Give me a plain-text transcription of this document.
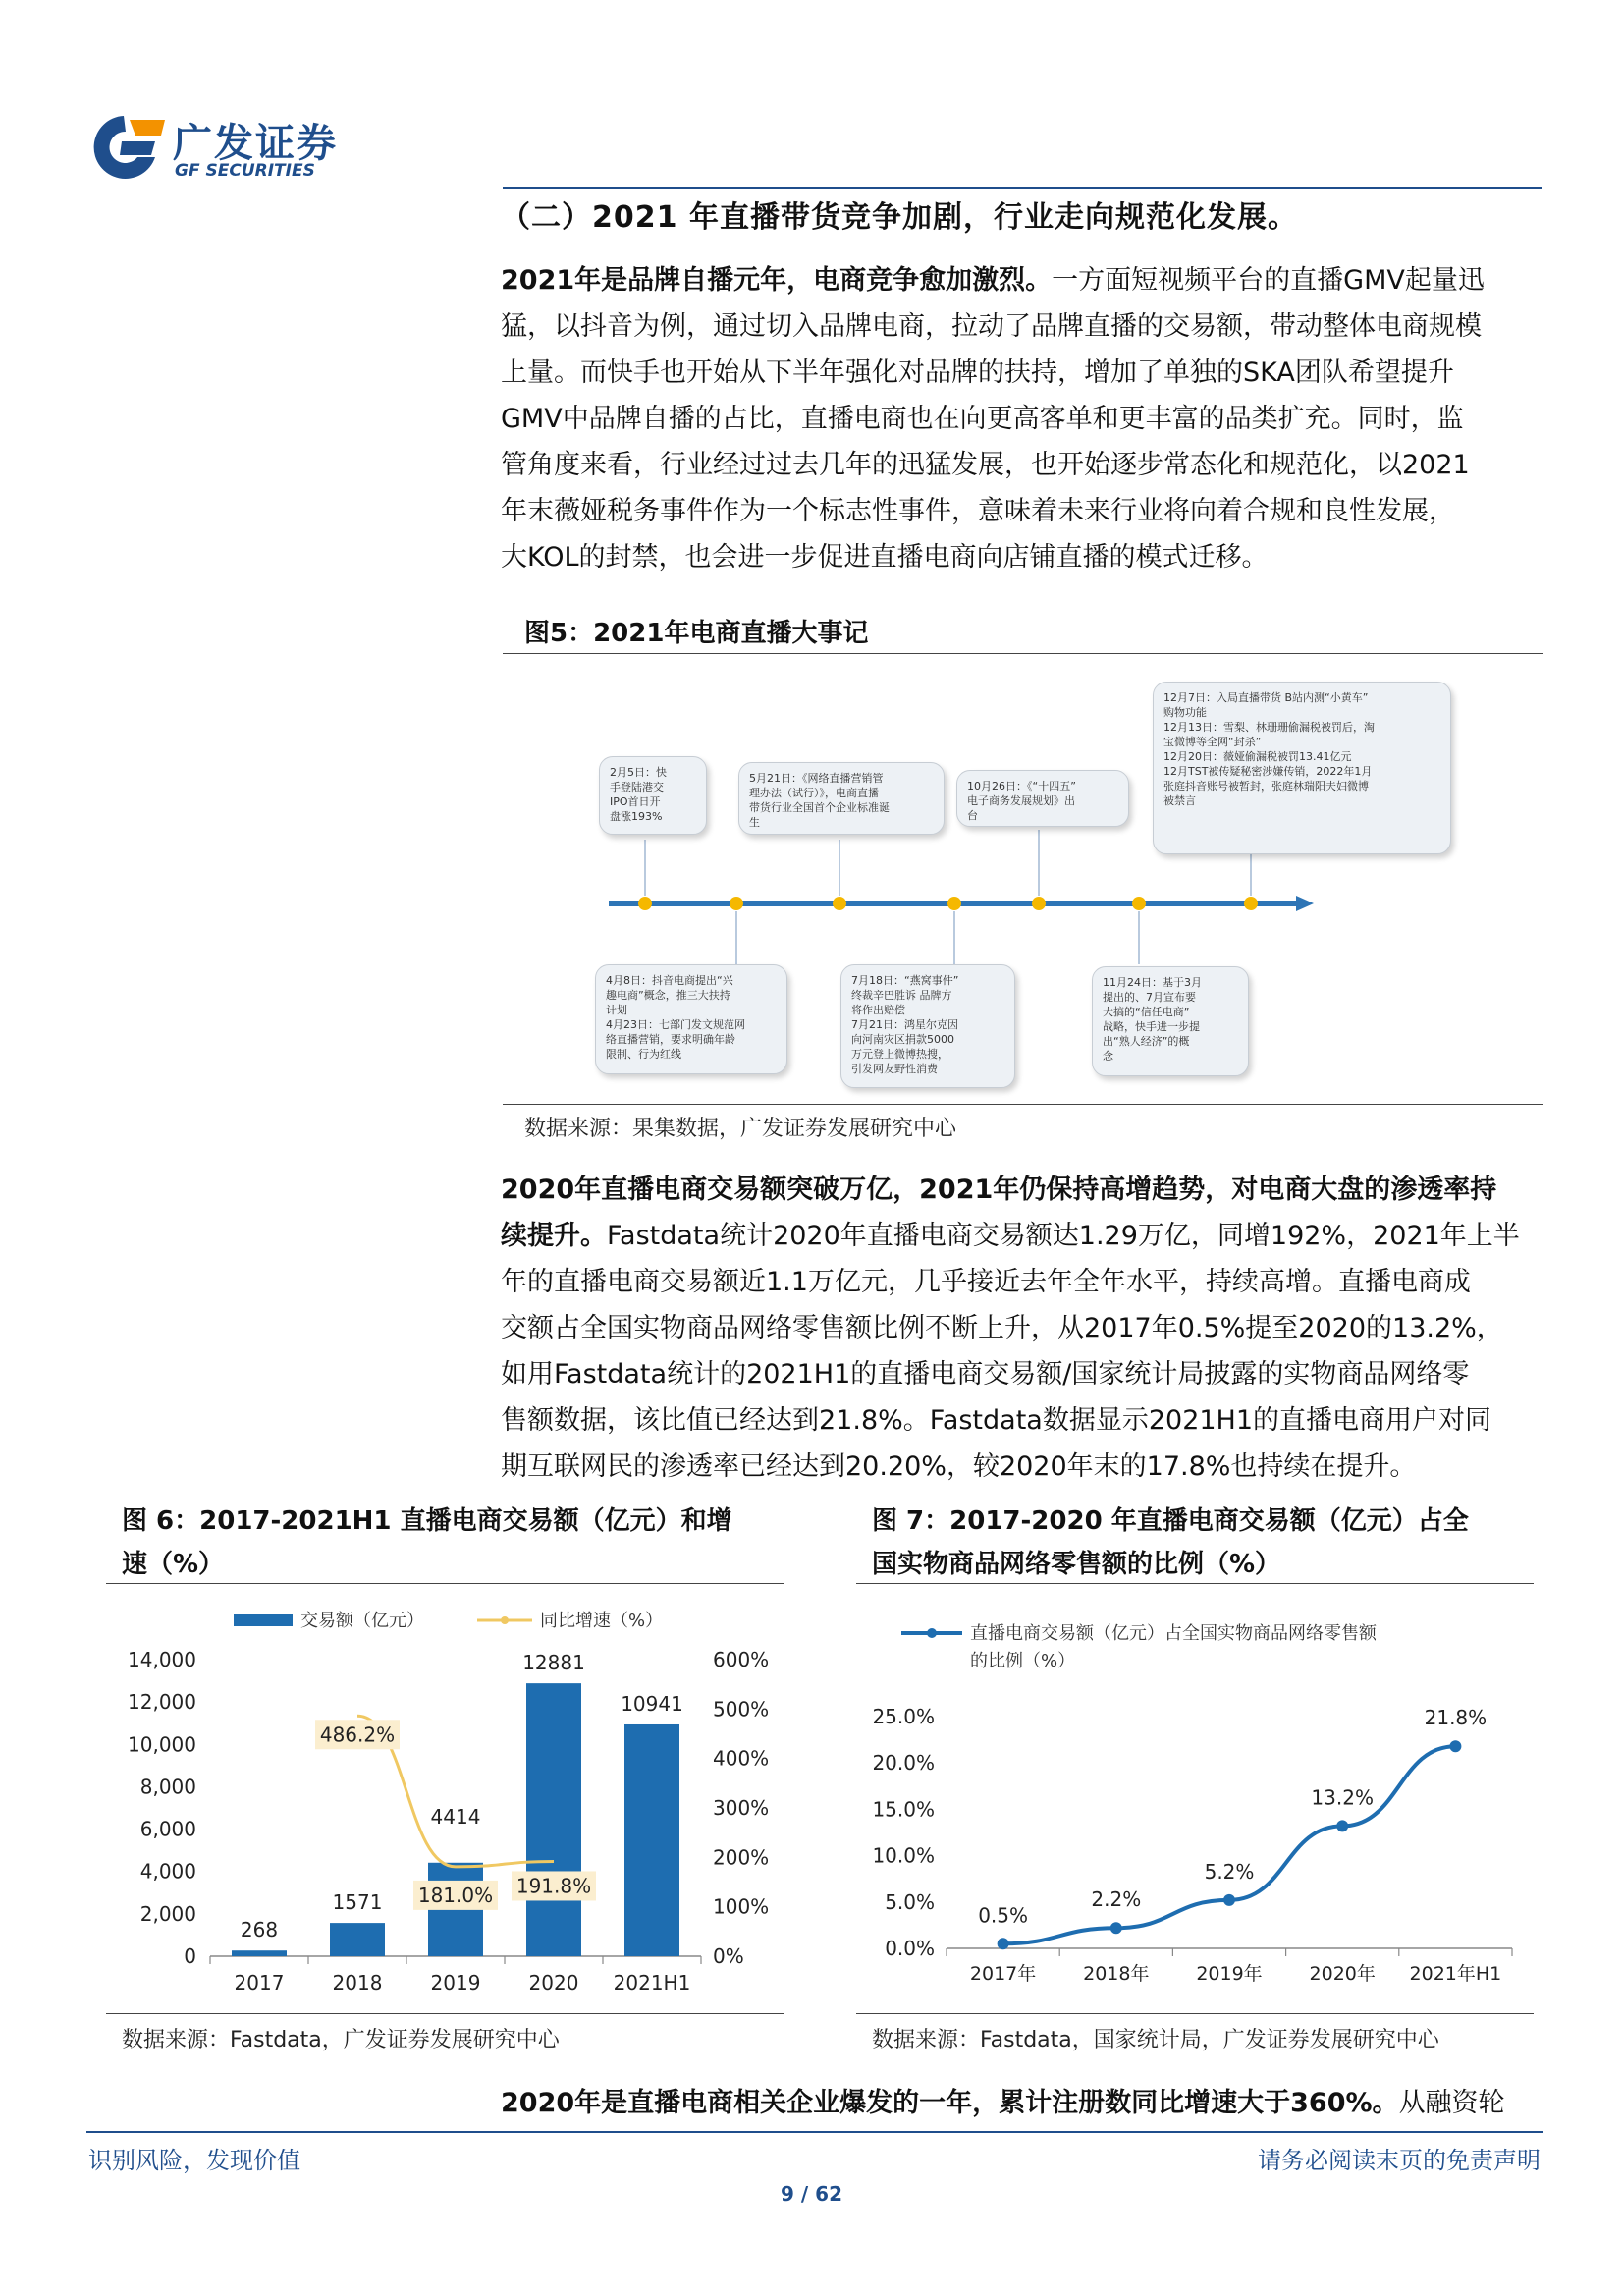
广发证券
GF SECURITIES
（二）2021 年直播带货竞争加剧，行业走向规范化发展。
2021年是品牌自播元年，电商竞争愈加激烈。一方面短视频平台的直播GMV起量迅
猛，以抖音为例，通过切入品牌电商，拉动了品牌直播的交易额，带动整体电商规模
上量。而快手也开始从下半年强化对品牌的扶持，增加了单独的SKA团队希望提升
GMV中品牌自播的占比，直播电商也在向更高客单和更丰富的品类扩充。同时，监
管角度来看，行业经过过去几年的迅猛发展，也开始逐步常态化和规范化，以2021
年末薇娅税务事件作为一个标志性事件，意味着未来行业将向着合规和良性发展，
大KOL的封禁，也会进一步促进直播电商向店铺直播的模式迁移。
图5：2021年电商直播大事记
2月5日：快
手登陆港交
IPO首日开
盘涨193%
5月21日：《网络直播营销管
理办法（试行）》，电商直播
带货行业全国首个企业标准诞
生
10月26日：《“十四五”
电子商务发展规划》出
台
12月7日：入局直播带货 B站内测“小黄车”
购物功能
12月13日：雪梨、林珊珊偷漏税被罚后，淘
宝微博等全网“封杀”
12月20日：薇娅偷漏税被罚13.41亿元
12月TST被传疑秘密涉嫌传销，2022年1月
张庭抖音账号被暂封，张庭林瑞阳夫妇微博
被禁言
4月8日：抖音电商提出“兴
趣电商”概念，推三大扶持
计划
4月23日：七部门发文规范网
络直播营销，要求明确年龄
限制、行为红线
7月18日：“燕窝事件”
终裁辛巴胜诉 品牌方
将作出赔偿
7月21日：鸿星尔克因
向河南灾区捐款5000
万元登上微博热搜，
引发网友野性消费
11月24日：基于3月
提出的、7月宣布要
大搞的“信任电商”
战略，快手进一步提
出“熟人经济”的概
念
数据来源：果集数据，广发证券发展研究中心
2020年直播电商交易额突破万亿，2021年仍保持高增趋势，对电商大盘的渗透率持
续提升。Fastdata统计2020年直播电商交易额达1.29万亿，同增192%，2021年上半
年的直播电商交易额近1.1万亿元，几乎接近去年全年水平，持续高增。直播电商成
交额占全国实物商品网络零售额比例不断上升，从2017年0.5%提至2020的13.2%，
如用Fastdata统计的2021H1的直播电商交易额/国家统计局披露的实物商品网络零
售额数据，该比值已经达到21.8%。Fastdata数据显示2021H1的直播电商用户对同
期互联网民的渗透率已经达到20.20%，较2020年末的17.8%也持续在提升。
图 6：2017-2021H1 直播电商交易额（亿元）和增
速（%）
交易额（亿元）	同比增速（%）
0
2,000
4,000
6,000
8,000
10,000
12,000
14,000
0%
100%
200%
300%
400%
500%
600%
268
2017
1571
2018
4414
2019
12881
2020
10941
2021H1
486.2%
181.0% 191.8%
数据来源：Fastdata，广发证券发展研究中心
图 7：2017-2020 年直播电商交易额（亿元）占全
国实物商品网络零售额的比例（%）
直播电商交易额（亿元）占全国实物商品网络零售额
的比例（%）
0.0%
5.0%
10.0%
15.0%
20.0%
25.0%
0.5%
2017年
2.2%
2018年
5.2%
2019年
13.2%
2020年
21.8%
2021年H1
数据来源：Fastdata，国家统计局，广发证券发展研究中心
2020年是直播电商相关企业爆发的一年，累计注册数同比增速大于360%。从融资轮
识别风险，发现价值	请务必阅读末页的免责声明
9 / 62
